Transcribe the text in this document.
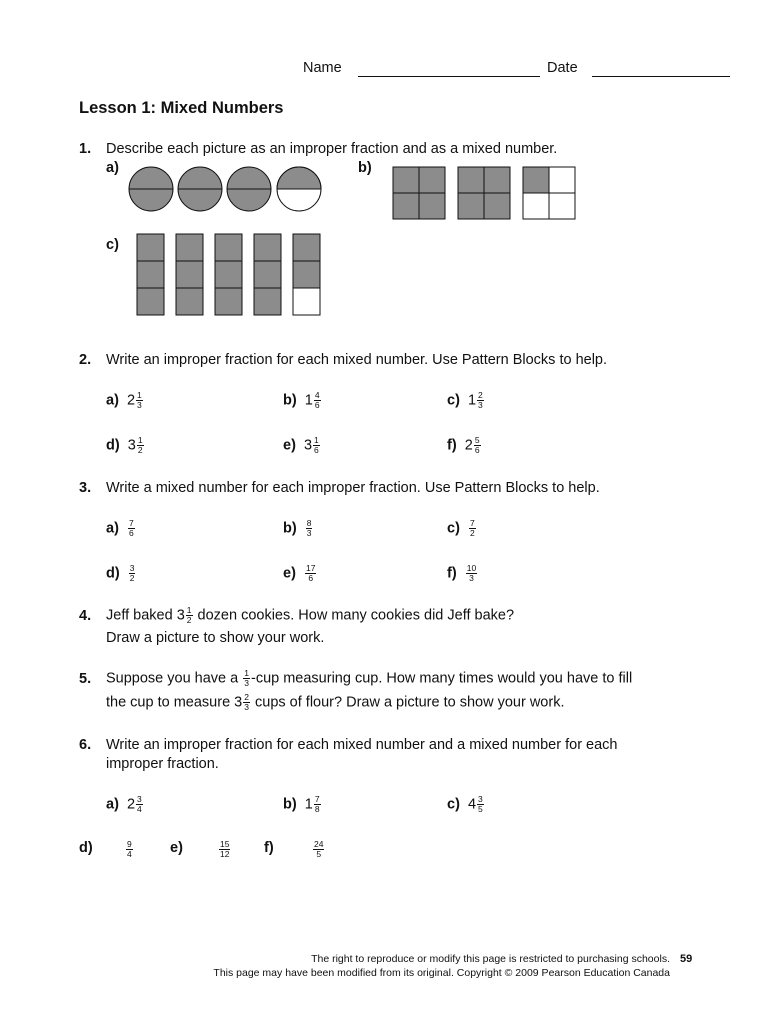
Name	Date
Lesson 1: Mixed Numbers
1. Describe each picture as an improper fraction and as a mixed number.
a)	b)
c)
2. Write an improper fraction for each mixed number. Use Pattern Blocks to help.
a) $2 \frac{1}{3}$	b) $1 \frac{4}{6}$	c) $1 \frac{2}{3}$
d) $3 \frac{1}{2}$	e) $3 \frac{1}{6}$	f) $2 \frac{5}{6}$
3. Write a mixed number for each improper fraction. Use Pattern Blocks to help.
$a) \frac{7}{6}$	$b) \frac{8}{3}$	$c) \frac{7}{2}$
$d) \frac{3}{2}$	$e) \frac{17}{6}$	$f) \frac{10}{3}$
4. Jeff baked $3 \frac{1}{2}$ dozen cookies. How many cookies did Jeff bake?
Draw a picture to show your work.
5. Suppose you have a $\frac{1}{3} -cup$ measuring cup. How many times would you have to fill
the cup to measure $3 \frac{2}{3}$ cups of flour? Draw a picture to show your work.
6. Write an improper fraction for each mixed number and a mixed number for each
improper fraction.
a) $2 \frac{3}{4}$	b) $1 \frac{7}{8}$	c) $4 \frac{3}{5}$
d)	$\frac{9}{4}$	e)	$\frac{15}{12} f$)	$\frac{24}{5}$
The right to reproduce or modify this page is restricted to purchasing schools.
This page may have been modified from its original. Copyright © 2009 Pearson Education Canada
59
